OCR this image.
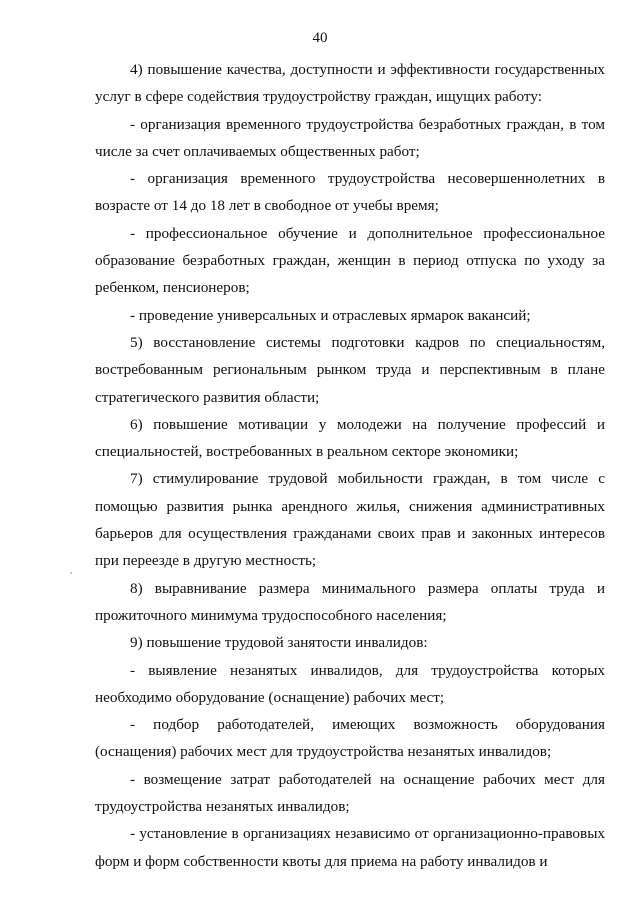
40

4) повышение качества, доступности и эффективности государственных услуг в сфере содействия трудоустройству граждан, ищущих работу:

- организация временного трудоустройства безработных граждан, в том числе за счет оплачиваемых общественных работ;

- организация временного трудоустройства несовершеннолетних в возрасте от 14 до 18 лет в свободное от учебы время;

- профессиональное обучение и дополнительное профессиональное образование безработных граждан, женщин в период отпуска по уходу за ребенком, пенсионеров;

- проведение универсальных и отраслевых ярмарок вакансий;

5) восстановление системы подготовки кадров по специальностям, востребованным региональным рынком труда и перспективным в плане стратегического развития области;

6) повышение мотивации у молодежи на получение профессий и специальностей, востребованных в реальном секторе экономики;

7) стимулирование трудовой мобильности граждан, в том числе с помощью развития рынка арендного жилья, снижения административных барьеров для осуществления гражданами своих прав и законных интересов при переезде в другую местность;

8) выравнивание размера минимального размера оплаты труда и прожиточного минимума трудоспособного населения;

9) повышение трудовой занятости инвалидов:

- выявление незанятых инвалидов, для трудоустройства которых необходимо оборудование (оснащение) рабочих мест;

- подбор работодателей, имеющих возможность оборудования (оснащения) рабочих мест для трудоустройства незанятых инвалидов;

- возмещение затрат работодателей на оснащение рабочих мест для трудоустройства незанятых инвалидов;

- установление в организациях независимо от организационно-правовых форм и форм собственности квоты для приема на работу инвалидов и
